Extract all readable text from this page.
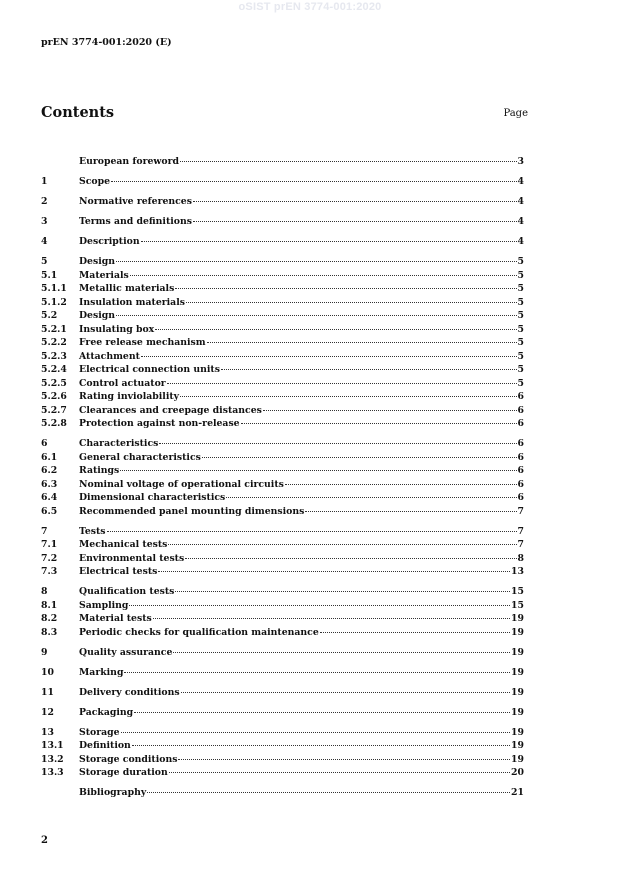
oSIST prEN 3774-001:2020
prEN 3774-001:2020 (E)
Contents	Page
European foreword	3
1	Scope	4
2	Normative references	4
3	Terms and definitions	4
4	Description	4
5	Design	5
5.1	Materials	5
5.1.1	Metallic materials	5
5.1.2	Insulation materials	5
5.2	Design	5
5.2.1	Insulating box	5
5.2.2	Free release mechanism	5
5.2.3	Attachment	5
5.2.4	Electrical connection units	5
5.2.5	Control actuator	5
5.2.6	Rating inviolability	6
5.2.7	Clearances and creepage distances	6
5.2.8	Protection against non-release	6
6	Characteristics	6
6.1	General characteristics	6
6.2	Ratings	6
6.3	Nominal voltage of operational circuits	6
6.4	Dimensional characteristics	6
6.5	Recommended panel mounting dimensions	7
7	Tests	7
7.1	Mechanical tests	7
7.2	Environmental tests	8
7.3	Electrical tests	13
8	Qualification tests	15
8.1	Sampling	15
8.2	Material tests	19
8.3	Periodic checks for qualification maintenance	19
9	Quality assurance	19
10	Marking	19
11	Delivery conditions	19
12	Packaging	19
13	Storage	19
13.1	Definition	19
13.2	Storage conditions	19
13.3	Storage duration	20
Bibliography	21
2
